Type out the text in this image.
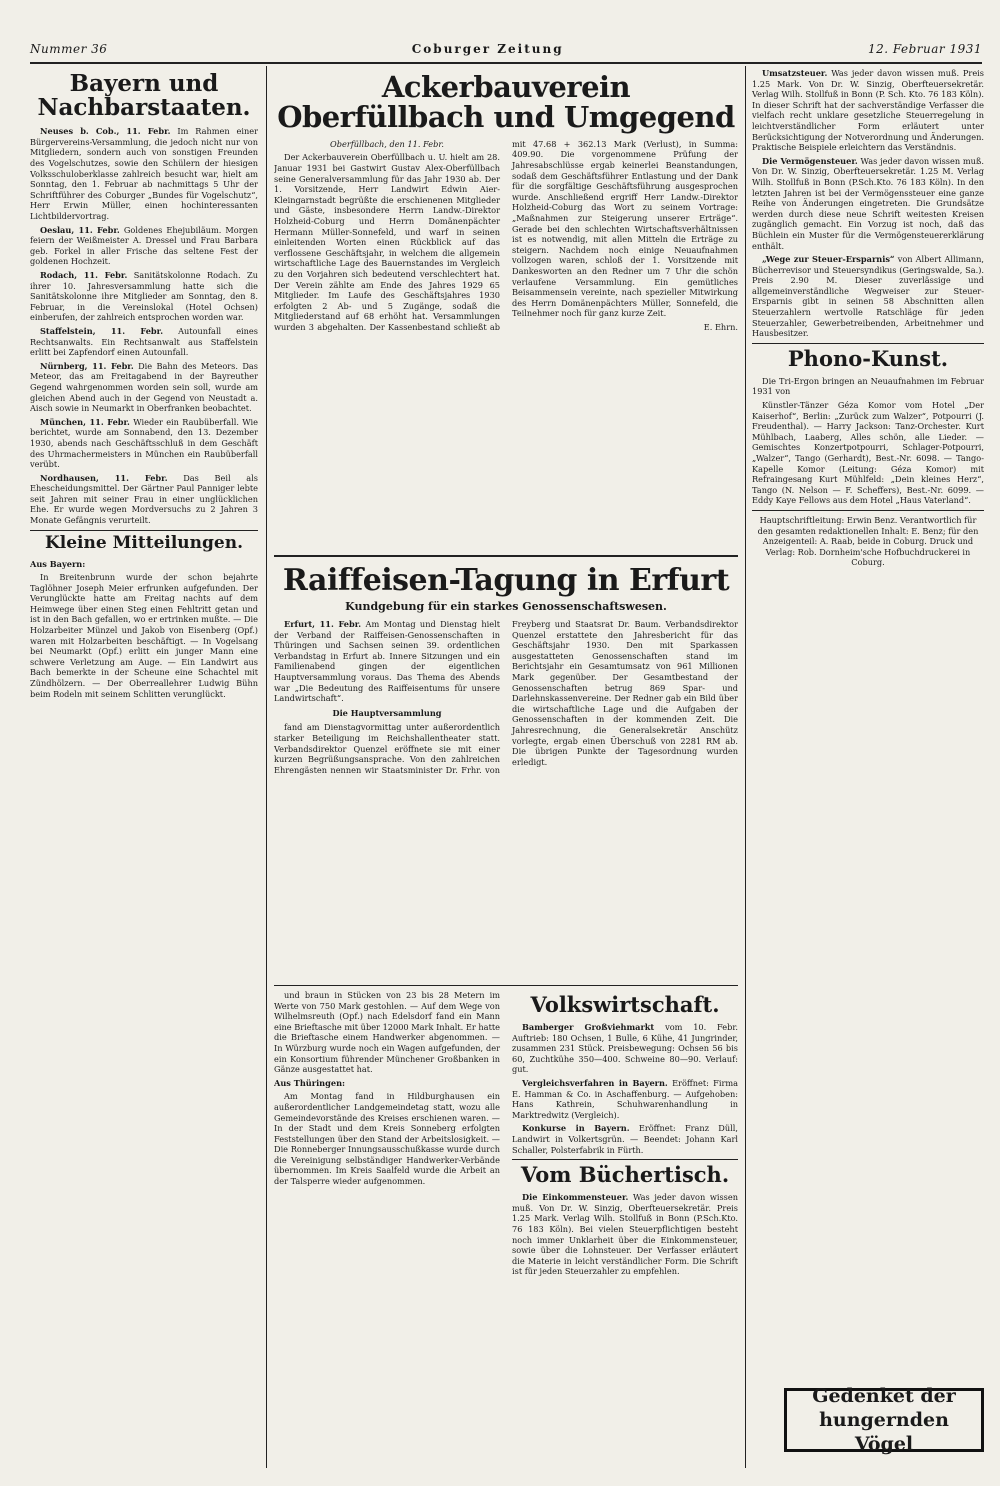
Nummer 36	Coburger Zeitung	12. Februar 1931
Bayern und Nachbarstaaten.

Neuses b. Cob., 11. Febr. Im Rahmen einer Bürgervereins-Versammlung, die jedoch nicht nur von Mitgliedern, sondern auch von sonstigen Freunden des Vogelschutzes, sowie den Schülern der hiesigen Volksschuloberklasse zahlreich besucht war, hielt am Sonntag, den 1. Februar ab nachmittags 5 Uhr der Schriftführer des Coburger „Bundes für Vogelschutz“, Herr Erwin Müller, einen hochinteressanten Lichtbildervortrag.

Oeslau, 11. Febr. Goldenes Ehejubiläum. Morgen feiern der Weißmeister A. Dressel und Frau Barbara geb. Forkel in aller Frische das seltene Fest der goldenen Hochzeit.

Rodach, 11. Febr. Sanitätskolonne Rodach. Zu ihrer 10. Jahresversammlung hatte sich die Sanitätskolonne ihre Mitglieder am Sonntag, den 8. Februar, in die Vereinslokal (Hotel Ochsen) einberufen, der zahlreich entsprochen worden war.

Staffelstein, 11. Febr. Autounfall eines Rechtsanwalts. Ein Rechtsanwalt aus Staffelstein erlitt bei Zapfendorf einen Autounfall.

Nürnberg, 11. Febr. Die Bahn des Meteors. Das Meteor, das am Freitagabend in der Bayreuther Gegend wahrgenommen worden sein soll, wurde am gleichen Abend auch in der Gegend von Neustadt a. Aisch sowie in Neumarkt in Oberfranken beobachtet.

München, 11. Febr. Wieder ein Raubüberfall. Wie berichtet, wurde am Sonnabend, den 13. Dezember 1930, abends nach Geschäftsschluß in dem Geschäft des Uhrmachermeisters in München ein Raubüberfall verübt.

Nordhausen, 11. Febr. Das Beil als Ehescheidungsmittel. Der Gärtner Paul Panniger lebte seit Jahren mit seiner Frau in einer unglücklichen Ehe. Er wurde wegen Mordversuchs zu 2 Jahren 3 Monate Gefängnis verurteilt.

Kleine Mitteilungen.

Aus Bayern:

In Breitenbrunn wurde der schon bejahrte Taglöhner Joseph Meier erfrunken aufgefunden. Der Verunglückte hatte am Freitag nachts auf dem Heimwege über einen Steg einen Fehltritt getan und ist in den Bach gefallen, wo er ertrinken mußte. — Die Holzarbeiter Münzel und Jakob von Eisenberg (Opf.) waren mit Holzarbeiten beschäftigt. — In Vogelsang bei Neumarkt (Opf.) erlitt ein junger Mann eine schwere Verletzung am Auge. — Ein Landwirt aus Bach bemerkte in der Scheune eine Schachtel mit Zündhölzern. — Der Oberreallehrer Ludwig Bühn beim Rodeln mit seinem Schlitten verunglückt.

Ackerbauverein Oberfüllbach und Umgegend

Oberfüllbach, den 11. Febr.

Der Ackerbauverein Oberfüllbach u. U. hielt am 28. Januar 1931 bei Gastwirt Gustav Alex-Oberfüllbach seine Generalversammlung für das Jahr 1930 ab. Der 1. Vorsitzende, Herr Landwirt Edwin Aier-Kleingarnstadt begrüßte die erschienenen Mitglieder und Gäste, insbesondere Herrn Landw.-Direktor Holzheid-Coburg und Herrn Domänenpächter Hermann Müller-Sonnefeld, und warf in seinen einleitenden Worten einen Rückblick auf das verflossene Geschäftsjahr, in welchem die allgemein wirtschaftliche Lage des Bauernstandes im Vergleich zu den Vorjahren sich bedeutend verschlechtert hat. Der Verein zählte am Ende des Jahres 1929 65 Mitglieder. Im Laufe des Geschäftsjahres 1930 erfolgten 2 Ab- und 5 Zugänge, sodaß die Mitgliederstand auf 68 erhöht hat. Versammlungen wurden 3 abgehalten. Der Kassenbestand schließt ab mit 47.68 + 362.13 Mark (Verlust), in Summa: 409.90. Die vorgenommene Prüfung der Jahresabschlüsse ergab keinerlei Beanstandungen, sodaß dem Geschäftsführer Entlastung und der Dank für die sorgfältige Geschäftsführung ausgesprochen wurde. Anschließend ergriff Herr Landw.-Direktor Holzheid-Coburg das Wort zu seinem Vortrage: „Maßnahmen zur Steigerung unserer Erträge“. Gerade bei den schlechten Wirtschaftsverhältnissen ist es notwendig, mit allen Mitteln die Erträge zu steigern. Nachdem noch einige Neuaufnahmen vollzogen waren, schloß der 1. Vorsitzende mit Dankesworten an den Redner um 7 Uhr die schön verlaufene Versammlung. Ein gemütliches Beisammensein vereinte, nach spezieller Mitwirkung des Herrn Domänenpächters Müller, Sonnefeld, die Teilnehmer noch für ganz kurze Zeit.

E. Ehrn.

Raiffeisen-Tagung in Erfurt
Kundgebung für ein starkes Genossenschaftswesen.

Erfurt, 11. Febr. Am Montag und Dienstag hielt der Verband der Raiffeisen-Genossenschaften in Thüringen und Sachsen seinen 39. ordentlichen Verbandstag in Erfurt ab. Innere Sitzungen und ein Familienabend gingen der eigentlichen Hauptversammlung voraus. Das Thema des Abends war „Die Bedeutung des Raiffeisentums für unsere Landwirtschaft“.

Die Hauptversammlung

fand am Dienstagvormittag unter außerordentlich starker Beteiligung im Reichshallentheater statt. Verbandsdirektor Quenzel eröffnete sie mit einer kurzen Begrüßungsansprache. Von den zahlreichen Ehrengästen nennen wir Staatsminister Dr. Frhr. von Freyberg und Staatsrat Dr. Baum. Verbandsdirektor Quenzel erstattete den Jahresbericht für das Geschäftsjahr 1930. Den mit Sparkassen ausgestatteten Genossenschaften stand im Berichtsjahr ein Gesamtumsatz von 961 Millionen Mark gegenüber. Der Gesamtbestand der Genossenschaften betrug 869 Spar- und Darlehnskassenvereine. Der Redner gab ein Bild über die wirtschaftliche Lage und die Aufgaben der Genossenschaften in der kommenden Zeit. Die Jahresrechnung, die Generalsekretär Anschütz vorlegte, ergab einen Überschuß von 2281 RM ab. Die übrigen Punkte der Tagesordnung wurden erledigt.

und braun in Stücken von 23 bis 28 Metern im Werte von 750 Mark gestohlen. — Auf dem Wege von Wilhelmsreuth (Opf.) nach Edelsdorf fand ein Mann eine Brieftasche mit über 12000 Mark Inhalt. Er hatte die Brieftasche einem Handwerker abgenommen. — In Würzburg wurde noch ein Wagen aufgefunden, der ein Konsortium führender Münchener Großbanken in Gänze ausgestattet hat.

Aus Thüringen:

Am Montag fand in Hildburghausen ein außerordentlicher Landgemeindetag statt, wozu alle Gemeindevorstände des Kreises erschienen waren. — In der Stadt und dem Kreis Sonneberg erfolgten Feststellungen über den Stand der Arbeitslosigkeit. — Die Ronneberger Innungsausschußkasse wurde durch die Vereinigung selbständiger Handwerker-Verbände übernommen. Im Kreis Saalfeld wurde die Arbeit an der Talsperre wieder aufgenommen.

Volkswirtschaft.

Bamberger Großviehmarkt vom 10. Febr. Auftrieb: 180 Ochsen, 1 Bulle, 6 Kühe, 41 Jungrinder, zusammen 231 Stück. Preisbewegung: Ochsen 56 bis 60, Zuchtkühe 350—400. Schweine 80—90. Verlauf: gut.

Vergleichsverfahren in Bayern. Eröffnet: Firma E. Hamman & Co. in Aschaffenburg. — Aufgehoben: Hans Kathrein, Schuhwarenhandlung in Marktredwitz (Vergleich).

Konkurse in Bayern. Eröffnet: Franz Düll, Landwirt in Volkertsgrün. — Beendet: Johann Karl Schaller, Polsterfabrik in Fürth.

Vom Büchertisch.

Die Einkommensteuer. Was jeder davon wissen muß. Von Dr. W. Sinzig, Oberfteuersekretär. Preis 1.25 Mark. Verlag Wilh. Stollfuß in Bonn (P.Sch.Kto. 76 183 Köln). Bei vielen Steuerpflichtigen besteht noch immer Unklarheit über die Einkommensteuer, sowie über die Lohnsteuer. Der Verfasser erläutert die Materie in leicht verständlicher Form. Die Schrift ist für jeden Steuerzahler zu empfehlen.

Umsatzsteuer. Was jeder davon wissen muß. Preis 1.25 Mark. Von Dr. W. Sinzig, Oberfteuersekretär. Verlag Wilh. Stollfuß in Bonn (P. Sch. Kto. 76 183 Köln). In dieser Schrift hat der sachverständige Verfasser die vielfach recht unklare gesetzliche Steuerregelung in leichtverständlicher Form erläutert unter Berücksichtigung der Notverordnung und Änderungen. Praktische Beispiele erleichtern das Verständnis.

Die Vermögensteuer. Was jeder davon wissen muß. Von Dr. W. Sinzig, Oberfteuersekretär. 1.25 M. Verlag Wilh. Stollfuß in Bonn (P.Sch.Kto. 76 183 Köln). In den letzten Jahren ist bei der Vermögenssteuer eine ganze Reihe von Änderungen eingetreten. Die Grundsätze werden durch diese neue Schrift weitesten Kreisen zugänglich gemacht. Ein Vorzug ist noch, daß das Büchlein ein Muster für die Vermögensteuererklärung enthält.

„Wege zur Steuer-Ersparnis“ von Albert Allimann, Bücherrevisor und Steuersyndikus (Geringswalde, Sa.). Preis 2.90 M. Dieser zuverlässige und allgemeinverständliche Wegweiser zur Steuer-Ersparnis gibt in seinen 58 Abschnitten allen Steuerzahlern wertvolle Ratschläge für jeden Steuerzahler, Gewerbetreibenden, Arbeitnehmer und Hausbesitzer.

Phono-Kunst.

Die Tri-Ergon bringen an Neuaufnahmen im Februar 1931 von

Künstler-Tänzer Géza Komor vom Hotel „Der Kaiserhof“, Berlin: „Zurück zum Walzer“, Potpourri (J. Freudenthal). — Harry Jackson: Tanz-Orchester. Kurt Mühlbach, Laaberg, Alles schön, alle Lieder. — Gemischtes Konzertpotpourri, Schlager-Potpourri, „Walzer“, Tango (Gerhardt), Best.-Nr. 6098. — Tango-Kapelle Komor (Leitung: Géza Komor) mit Refraingesang Kurt Mühlfeld: „Dein kleines Herz“, Tango (N. Nelson — F. Scheffers), Best.-Nr. 6099. — Eddy Kaye Fellows aus dem Hotel „Haus Vaterland“.

Hauptschriftleitung: Erwin Benz. Verantwortlich für den gesamten redaktionellen Inhalt: E. Benz; für den Anzeigenteil: A. Raab, beide in Coburg. Druck und Verlag: Rob. Dornheim'sche Hofbuchdruckerei in Coburg.

Gedenket der
hungernden Vögel
